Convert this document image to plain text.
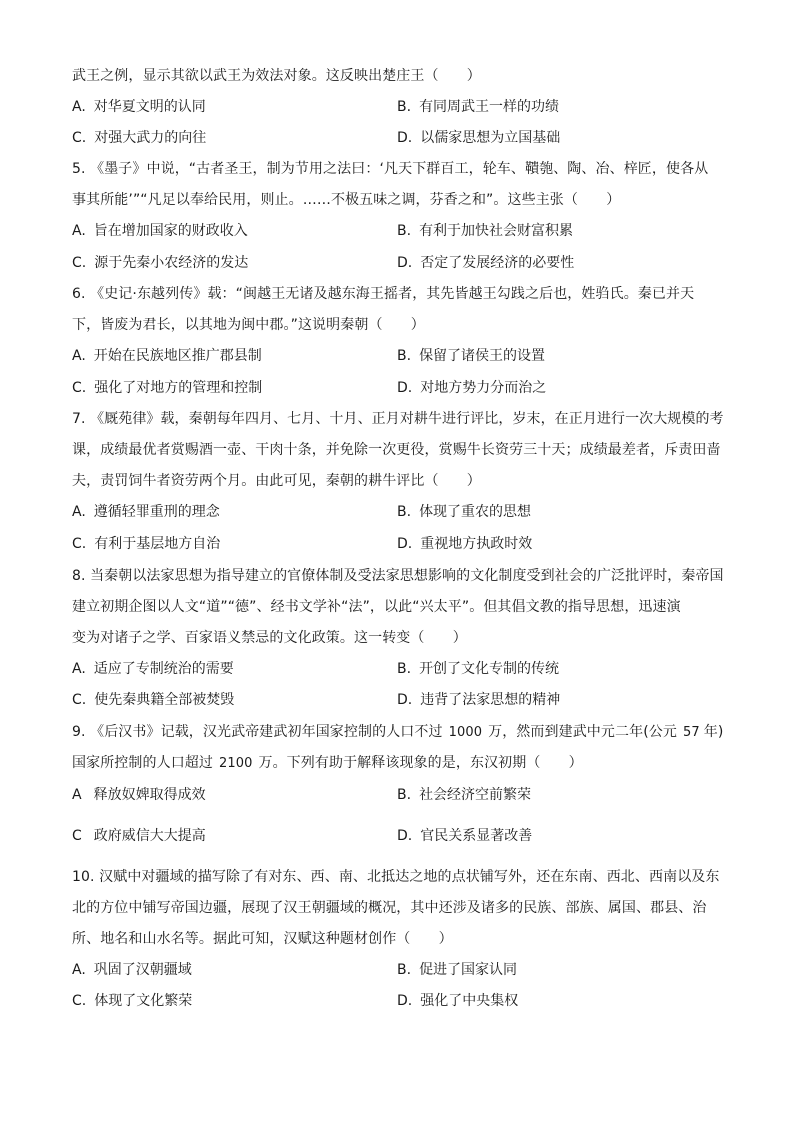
武王之例，显示其欲以武王为效法对象。这反映出楚庄王（　　）
A. 对华夏文明的认同	B. 有同周武王一样的功绩
C. 对强大武力的向往	D. 以儒家思想为立国基础
5. 《墨子》中说，“古者圣王，制为节用之法曰：‘凡天下群百工，轮车、鞼匏、陶、冶、梓匠，使各从
事其所能’”“凡足以奉给民用，则止。……不极五味之调，芬香之和”。这些主张（　　）
A. 旨在增加国家的财政收入	B. 有利于加快社会财富积累
C. 源于先秦小农经济的发达	D. 否定了发展经济的必要性
6. 《史记·东越列传》载：“闽越王无诸及越东海王摇者，其先皆越王勾践之后也，姓驺氏。秦已并天
下，皆废为君长，以其地为闽中郡。”这说明秦朝（　　）
A. 开始在民族地区推广郡县制	B. 保留了诸侯王的设置
C. 强化了对地方的管理和控制	D. 对地方势力分而治之
7. 《厩苑律》载，秦朝每年四月、七月、十月、正月对耕牛进行评比，岁末，在正月进行一次大规模的考
课，成绩最优者赏赐酒一壶、干肉十条，并免除一次更役，赏赐牛长资劳三十天；成绩最差者，斥责田啬
夫，责罚饲牛者资劳两个月。由此可见，秦朝的耕牛评比（　　）
A. 遵循轻罪重刑的理念	B. 体现了重农的思想
C. 有利于基层地方自治	D. 重视地方执政时效
8. 当秦朝以法家思想为指导建立的官僚体制及受法家思想影响的文化制度受到社会的广泛批评时，秦帝国
建立初期企图以人文“道”“德”、经书文学补“法”，以此“兴太平”。但其倡文教的指导思想，迅速演
变为对诸子之学、百家语义禁忌的文化政策。这一转变（　　）
A. 适应了专制统治的需要	B. 开创了文化专制的传统
C. 使先秦典籍全部被焚毁	D. 违背了法家思想的精神
9. 《后汉书》记载，汉光武帝建武初年国家控制的人口不过 1000 万，然而到建武中元二年(公元 57 年)
国家所控制的人口超过 2100 万。下列有助于解释该现象的是，东汉初期（　　）
A 释放奴婢取得成效	B. 社会经济空前繁荣
C 政府威信大大提高	D. 官民关系显著改善
10. 汉赋中对疆域的描写除了有对东、西、南、北抵达之地的点状铺写外，还在东南、西北、西南以及东
北的方位中铺写帝国边疆，展现了汉王朝疆域的概况，其中还涉及诸多的民族、部族、属国、郡县、治
所、地名和山水名等。据此可知，汉赋这种题材创作（　　）
A. 巩固了汉朝疆域	B. 促进了国家认同
C. 体现了文化繁荣	D. 强化了中央集权
